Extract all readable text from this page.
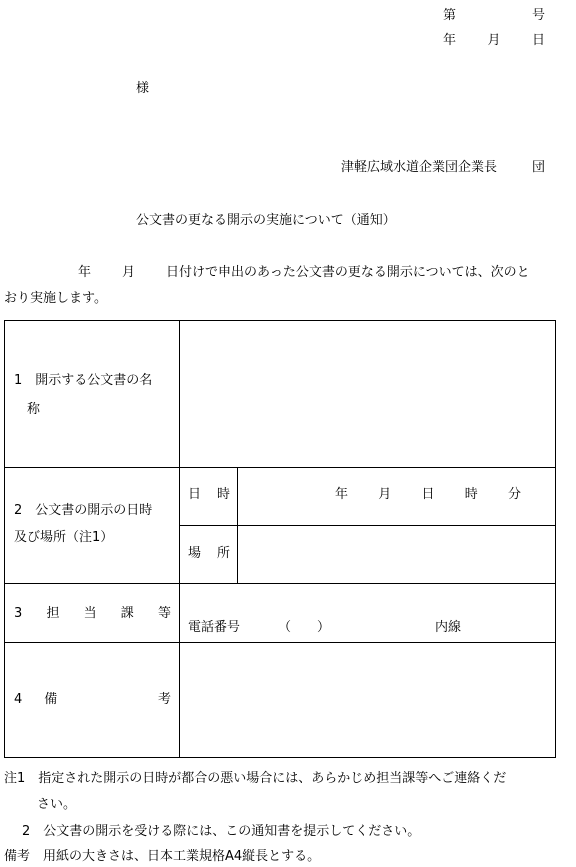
第	号
年 月 日
様
津軽広域水道企業団企業長	団
公文書の更なる開示の実施について（通知）
年 月 日付けで申出のあった公文書の更なる開示については、次のと
おり実施します。
1　開示する公文書の名
称
2　公文書の開示の日時
及び場所（注1）
日 時	年 月 日 時 分
場 所
3 担 当 課 等
電話番号	（　　）	内線
4 備	考
注1　指定された開示の日時が都合の悪い場合には、あらかじめ担当課等へご連絡くだ
さい。
2　公文書の開示を受ける際には、この通知書を提示してください。
備考　用紙の大きさは、日本工業規格A4縦長とする。
